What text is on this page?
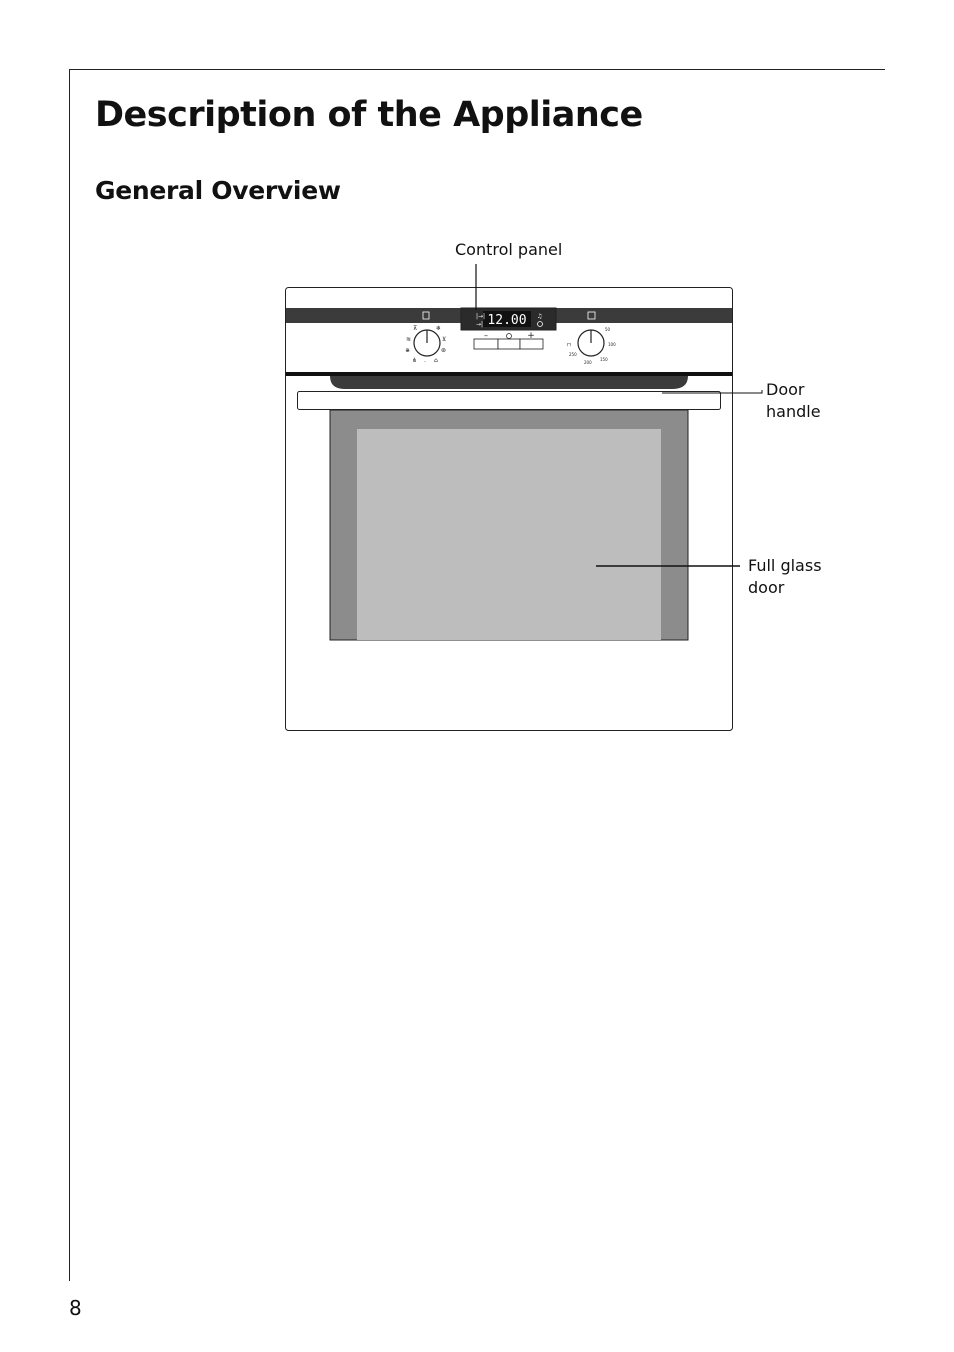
Description of the Appliance
General Overview
12.00
|→|
→|
♫
–	+
⊼	❄
≋	⊻
⋇	⊛
⋔ · ⌂
50
100
150
200
250
⊓
Control panel
Door
handle
Full glass
door
8
